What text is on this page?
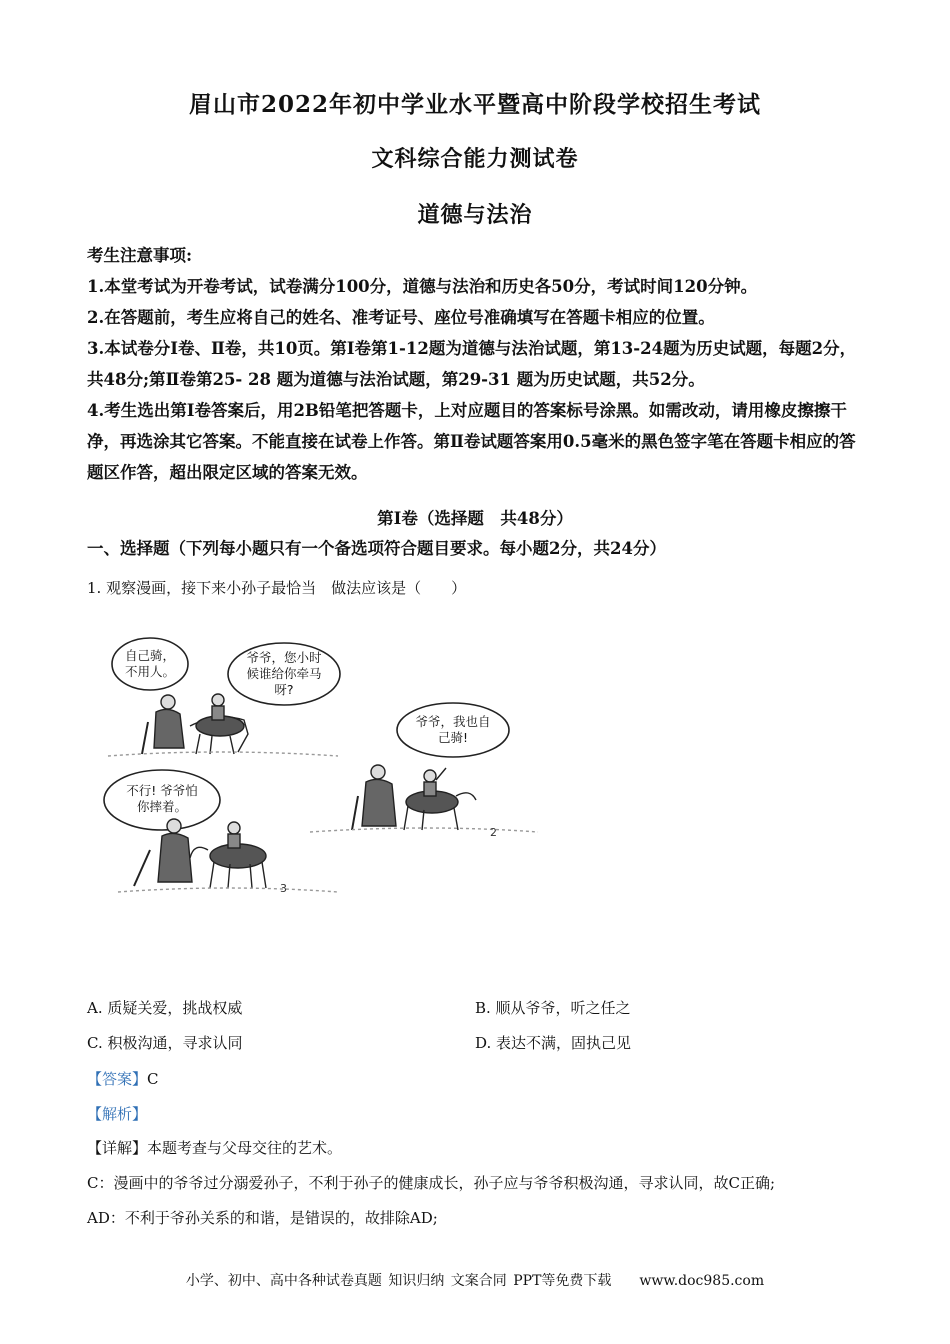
眉山市2022年初中学业水平暨高中阶段学校招生考试
文科综合能力测试卷
道德与法治

考生注意事项:

1.本堂考试为开卷考试，试卷满分100分，道德与法治和历史各50分，考试时间120分钟。

2.在答题前，考生应将自己的姓名、准考证号、座位号准确填写在答题卡相应的位置。

3.本试卷分Ⅰ卷、Ⅱ卷，共10页。第Ⅰ卷第1-12题为道德与法治试题，第13-24题为历史试题，每题2分，共48分;第Ⅱ卷第25- 28 题为道德与法治试题，第29-31 题为历史试题，共52分。

4.考生选出第Ⅰ卷答案后，用2B铅笔把答题卡，上对应题目的答案标号涂黑。如需改动，请用橡皮擦擦干净，再选涂其它答案。不能直接在试卷上作答。第Ⅱ卷试题答案用0.5毫米的黑色签字笔在答题卡相应的答题区作答，超出限定区域的答案无效。

第Ⅰ卷（选择题　共48分）
一、选择题（下列每小题只有一个备选项符合题目要求。每小题2分，共24分）
1. 观察漫画，接下来小孙子最恰当　做法应该是（　　）
自己骑，
不用人。
爷爷，您小时
候谁给你牵马
呀?
爷爷，我也自
己骑!
不行! 爷爷怕
你摔着。
2
3
A. 质疑关爱，挑战权威	B. 顺从爷爷，听之任之
C. 积极沟通，寻求认同	D. 表达不满，固执己见
【答案】C
【解析】
【详解】本题考查与父母交往的艺术。
C：漫画中的爷爷过分溺爱孙子，不利于孙子的健康成长，孙子应与爷爷积极沟通，寻求认同，故C正确;
AD：不利于爷孙关系的和谐，是错误的，故排除AD;
小学、初中、高中各种试卷真题 知识归纳 文案合同 PPT等免费下载　　www.doc985.com
